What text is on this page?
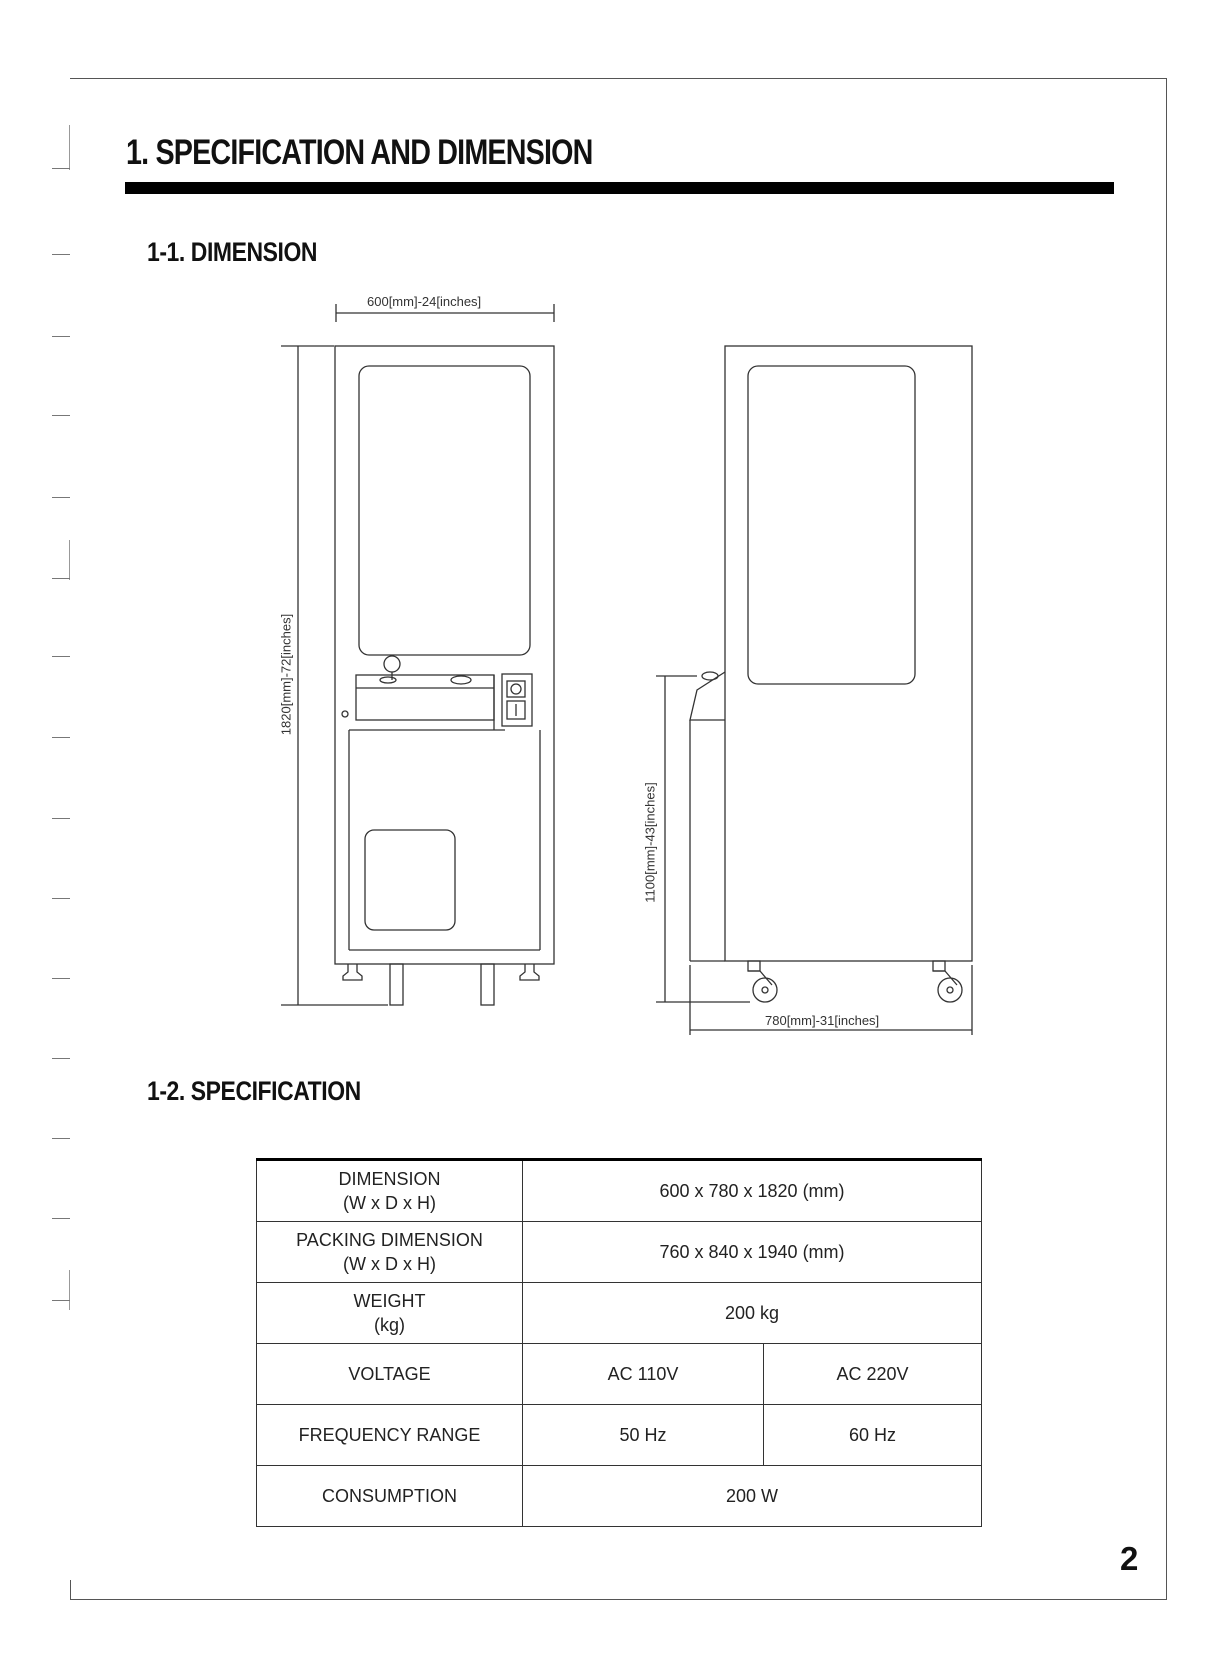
1. SPECIFICATION AND DIMENSION
1-1. DIMENSION
600[mm]-24[inches]
1820[mm]-72[inches]
1100[mm]-43[inches]
780[mm]-31[inches]
1-2. SPECIFICATION
DIMENSION
(W x D x H)	600 x 780 x 1820 (mm)	
PACKING DIMENSION
(W x D x H)	760 x 840 x 1940 (mm)	
WEIGHT
(kg)	200 kg	
VOLTAGE	AC 110V	AC 220V
FREQUENCY RANGE	50 Hz	60 Hz
CONSUMPTION	200 W	
2
